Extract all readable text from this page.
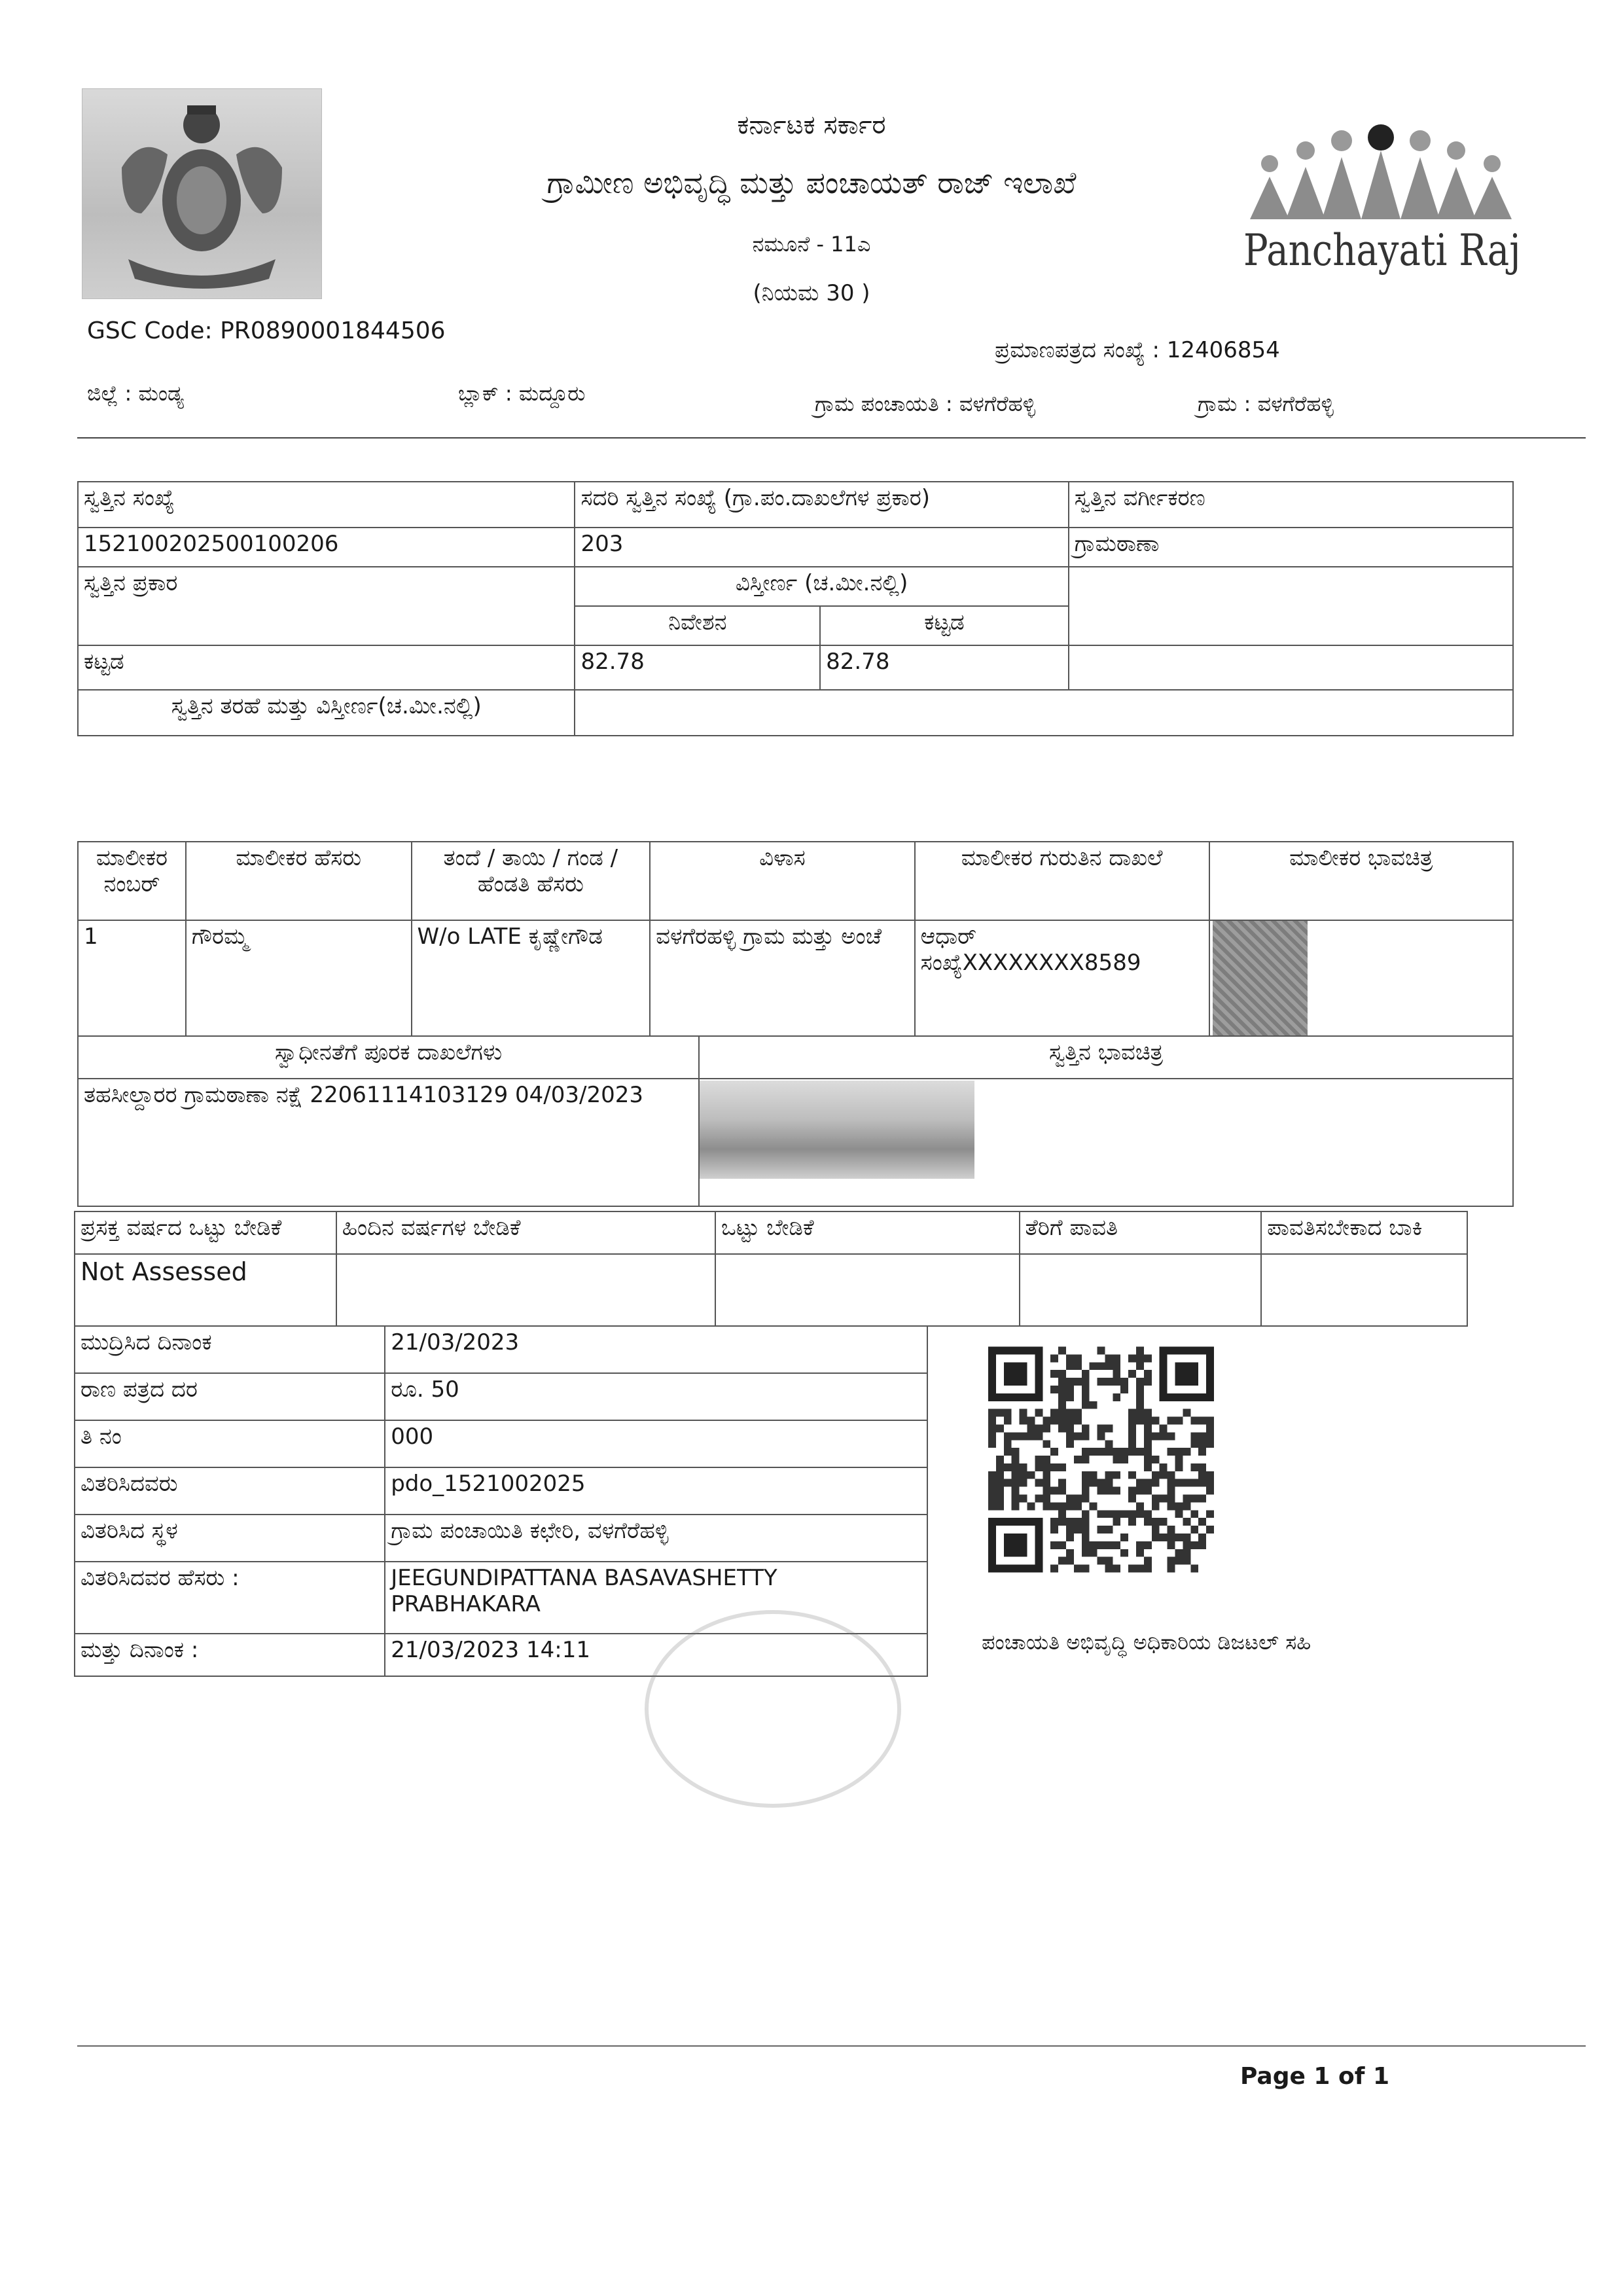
ಕರ್ನಾಟಕ ಸರ್ಕಾರ
ಗ್ರಾಮೀಣ ಅಭಿವೃದ್ಧಿ ಮತ್ತು ಪಂಚಾಯತ್ ರಾಜ್ ಇಲಾಖೆ
ನಮೂನೆ - 11ಎ
(ನಿಯಮ 30 )
Panchayati Raj
GSC Code: PR0890001844506
ಪ್ರಮಾಣಪತ್ರದ ಸಂಖ್ಯೆ : 12406854
ಜಿಲ್ಲೆ : ಮಂಡ್ಯ	ಬ್ಲಾಕ್ : ಮದ್ದೂರು	ಗ್ರಾಮ ಪಂಚಾಯತಿ : ವಳಗೆರೆಹಳ್ಳಿ	ಗ್ರಾಮ : ವಳಗೆರೆಹಳ್ಳಿ
ಸ್ವತ್ತಿನ ಸಂಖ್ಯೆ	ಸದರಿ ಸ್ವತ್ತಿನ ಸಂಖ್ಯೆ (ಗ್ರಾ.ಪಂ.ದಾಖಲೆಗಳ ಪ್ರಕಾರ)		ಸ್ವತ್ತಿನ ವರ್ಗೀಕರಣ
152100202500100206	203		ಗ್ರಾಮಠಾಣಾ
ಸ್ವತ್ತಿನ ಪ್ರಕಾರ	ವಿಸ್ತೀರ್ಣ (ಚ.ಮೀ.ನಲ್ಲಿ)		
	ನಿವೇಶನ	ಕಟ್ಟಡ	
ಕಟ್ಟಡ	82.78	82.78	
ಸ್ವತ್ತಿನ ತರಹೆ ಮತ್ತು ವಿಸ್ತೀರ್ಣ(ಚ.ಮೀ.ನಲ್ಲಿ)			
ಮಾಲೀಕರ ನಂಬರ್	ಮಾಲೀಕರ ಹೆಸರು	ತಂದೆ / ತಾಯಿ / ಗಂಡ / ಹೆಂಡತಿ ಹೆಸರು	ವಿಳಾಸ	ಮಾಲೀಕರ ಗುರುತಿನ ದಾಖಲೆ	ಮಾಲೀಕರ ಭಾವಚಿತ್ರ
1	ಗೌರಮ್ಮ	W/o LATE ಕೃಷ್ಣೇಗೌಡ	ವಳಗೆರಹಳ್ಳಿ ಗ್ರಾಮ ಮತ್ತು ಅಂಚೆ	ಆಧಾರ್ ಸಂಖ್ಯೆXXXXXXXX8589	
ಸ್ವಾಧೀನತೆಗೆ ಪೂರಕ ದಾಖಲೆಗಳು	ಸ್ವತ್ತಿನ ಭಾವಚಿತ್ರ
ತಹಸೀಲ್ದಾರರ ಗ್ರಾಮಠಾಣಾ ನಕ್ಷೆ 22061114103129 04/03/2023	
ಪ್ರಸಕ್ತ ವರ್ಷದ ಒಟ್ಟು ಬೇಡಿಕೆ	ಹಿಂದಿನ ವರ್ಷಗಳ ಬೇಡಿಕೆ	ಒಟ್ಟು ಬೇಡಿಕೆ	ತೆರಿಗೆ ಪಾವತಿ	ಪಾವತಿಸಬೇಕಾದ ಬಾಕಿ
Not Assessed				
ಮುದ್ರಿಸಿದ ದಿನಾಂಕ	21/03/2023
ರಾಣ ಪತ್ರದ ದರ	ರೂ. 50
ತಿ ನಂ	000
ವಿತರಿಸಿದವರು	pdo_1521002025
ವಿತರಿಸಿದ ಸ್ಥಳ	ಗ್ರಾಮ ಪಂಚಾಯಿತಿ ಕಛೇರಿ, ವಳಗೆರೆಹಳ್ಳಿ
ವಿತರಿಸಿದವರ ಹೆಸರು :	JEEGUNDIPATTANA BASAVASHETTY PRABHAKARA
ಮತ್ತು ದಿನಾಂಕ :	21/03/2023 14:11	ಪಂಚಾಯತಿ ಅಭಿವೃದ್ಧಿ ಅಧಿಕಾರಿಯ ಡಿಜಟಲ್ ಸಹಿ
Page 1 of 1
